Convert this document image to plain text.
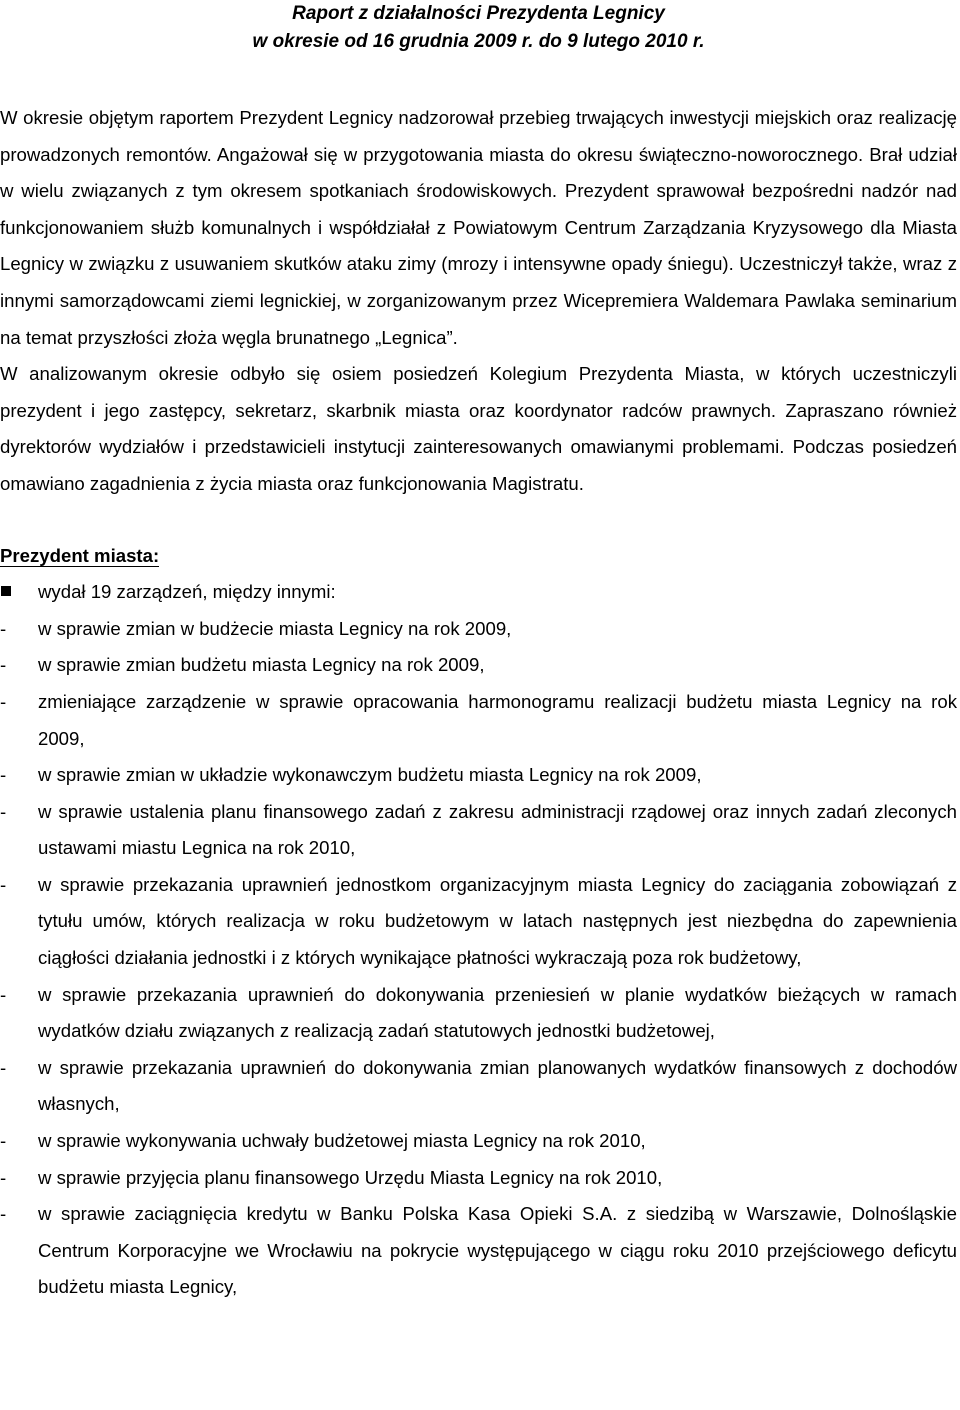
Raport z działalności Prezydenta Legnicy

w okresie od 16 grudnia 2009 r. do 9 lutego 2010 r.

W okresie objętym raportem Prezydent Legnicy nadzorował przebieg trwających inwestycji miejskich oraz realizację prowadzonych remontów. Angażował się w przygotowania miasta do okresu świąteczno-noworocznego. Brał udział w wielu związanych z tym okresem spotkaniach środowiskowych. Prezydent sprawował bezpośredni nadzór nad funkcjonowaniem służb komunalnych i współdziałał z Powiatowym Centrum Zarządzania Kryzysowego dla Miasta Legnicy w związku z usuwaniem skutków ataku zimy (mrozy i intensywne opady śniegu). Uczestniczył także, wraz z innymi samorządowcami ziemi legnickiej, w zorganizowanym przez Wicepremiera Waldemara Pawlaka seminarium na temat przyszłości złoża węgla brunatnego „Legnica”.

W analizowanym okresie odbyło się osiem posiedzeń Kolegium Prezydenta Miasta, w których uczestniczyli prezydent i jego zastępcy, sekretarz, skarbnik miasta oraz koordynator radców prawnych. Zapraszano również dyrektorów wydziałów i przedstawicieli instytucji zainteresowanych omawianymi problemami. Podczas posiedzeń omawiano zagadnienia z życia miasta oraz funkcjonowania Magistratu.

Prezydent miasta:

wydał 19 zarządzeń, między innymi:
- w sprawie zmian w budżecie miasta Legnicy na rok 2009,
- w sprawie zmian budżetu miasta Legnicy na rok 2009,
- zmieniające zarządzenie w sprawie opracowania harmonogramu realizacji budżetu miasta Legnicy na rok 2009,
- w sprawie zmian w układzie wykonawczym budżetu miasta Legnicy na rok 2009,
- w sprawie ustalenia planu finansowego zadań z zakresu administracji rządowej oraz innych zadań zleconych ustawami miastu Legnica na rok 2010,
- w sprawie przekazania uprawnień jednostkom organizacyjnym miasta Legnicy do zaciągania zobowiązań z tytułu umów, których realizacja w roku budżetowym w latach następnych jest niezbędna do zapewnienia ciągłości działania jednostki i z których wynikające płatności wykraczają poza rok budżetowy,
- w sprawie przekazania uprawnień do dokonywania przeniesień w planie wydatków bieżących w ramach wydatków działu związanych z realizacją zadań statutowych jednostki budżetowej,
- w sprawie przekazania uprawnień do dokonywania zmian planowanych wydatków finansowych z dochodów własnych,
- w sprawie wykonywania uchwały budżetowej miasta Legnicy na rok 2010,
- w sprawie przyjęcia planu finansowego Urzędu Miasta Legnicy na rok 2010,
- w sprawie zaciągnięcia kredytu w Banku Polska Kasa Opieki S.A. z siedzibą w Warszawie, Dolnośląskie Centrum Korporacyjne we Wrocławiu na pokrycie występującego w ciągu roku 2010 przejściowego deficytu budżetu miasta Legnicy,
